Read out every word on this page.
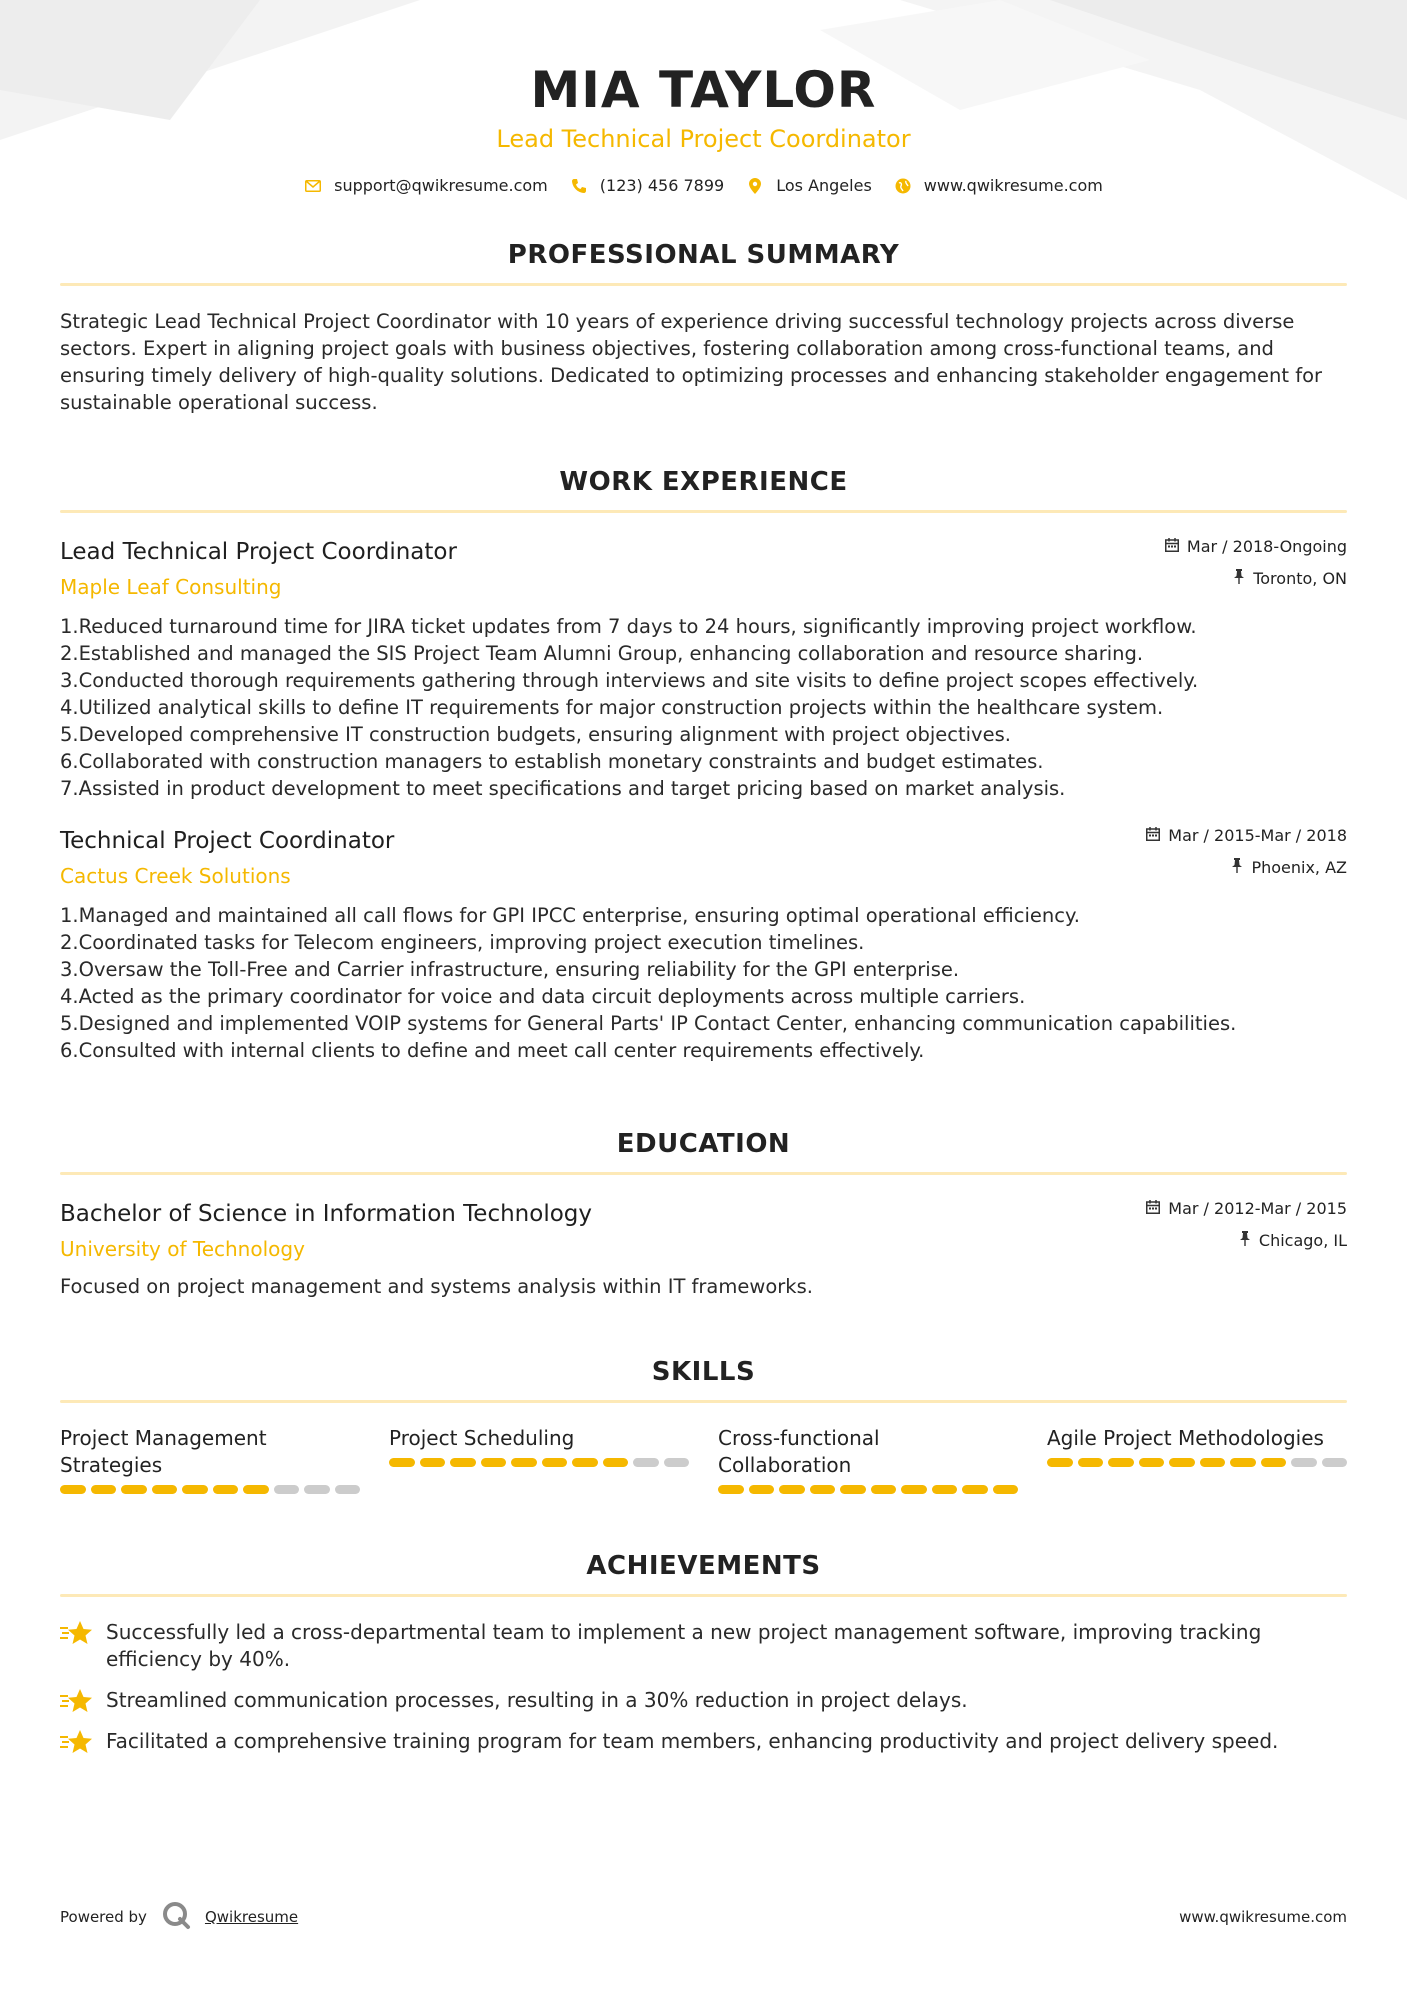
MIA TAYLOR
Lead Technical Project Coordinator
support@qwikresume.com	(123) 456 7899	Los Angeles	www.qwikresume.com
PROFESSIONAL SUMMARY

Strategic Lead Technical Project Coordinator with 10 years of experience driving successful technology projects across diverse sectors. Expert in aligning project goals with business objectives, fostering collaboration among cross-functional teams, and ensuring timely delivery of high-quality solutions. Dedicated to optimizing processes and enhancing stakeholder engagement for sustainable operational success.

WORK EXPERIENCE
Lead Technical Project Coordinator
Maple Leaf Consulting
Mar / 2018-Ongoing
Toronto, ON
1. Reduced turnaround time for JIRA ticket updates from 7 days to 24 hours, significantly improving project workflow.
2. Established and managed the SIS Project Team Alumni Group, enhancing collaboration and resource sharing.
3. Conducted thorough requirements gathering through interviews and site visits to define project scopes effectively.
4. Utilized analytical skills to define IT requirements for major construction projects within the healthcare system.
5. Developed comprehensive IT construction budgets, ensuring alignment with project objectives.
6. Collaborated with construction managers to establish monetary constraints and budget estimates.
7. Assisted in product development to meet specifications and target pricing based on market analysis.
Technical Project Coordinator
Cactus Creek Solutions
Mar / 2015-Mar / 2018
Phoenix, AZ
1. Managed and maintained all call flows for GPI IPCC enterprise, ensuring optimal operational efficiency.
2. Coordinated tasks for Telecom engineers, improving project execution timelines.
3. Oversaw the Toll-Free and Carrier infrastructure, ensuring reliability for the GPI enterprise.
4. Acted as the primary coordinator for voice and data circuit deployments across multiple carriers.
5. Designed and implemented VOIP systems for General Parts' IP Contact Center, enhancing communication capabilities.
6. Consulted with internal clients to define and meet call center requirements effectively.
EDUCATION
Bachelor of Science in Information Technology
University of Technology
Mar / 2012-Mar / 2015
Chicago, IL

Focused on project management and systems analysis within IT frameworks.

SKILLS
Project Management Strategies
Project Scheduling	Cross-functional Collaboration
Agile Project Methodologies
ACHIEVEMENTS
Successfully led a cross-departmental team to implement a new project management software, improving tracking efficiency by 40%.
Streamlined communication processes, resulting in a 30% reduction in project delays.
Facilitated a comprehensive training program for team members, enhancing productivity and project delivery speed.
Powered by	Qwikresume	www.qwikresume.com
